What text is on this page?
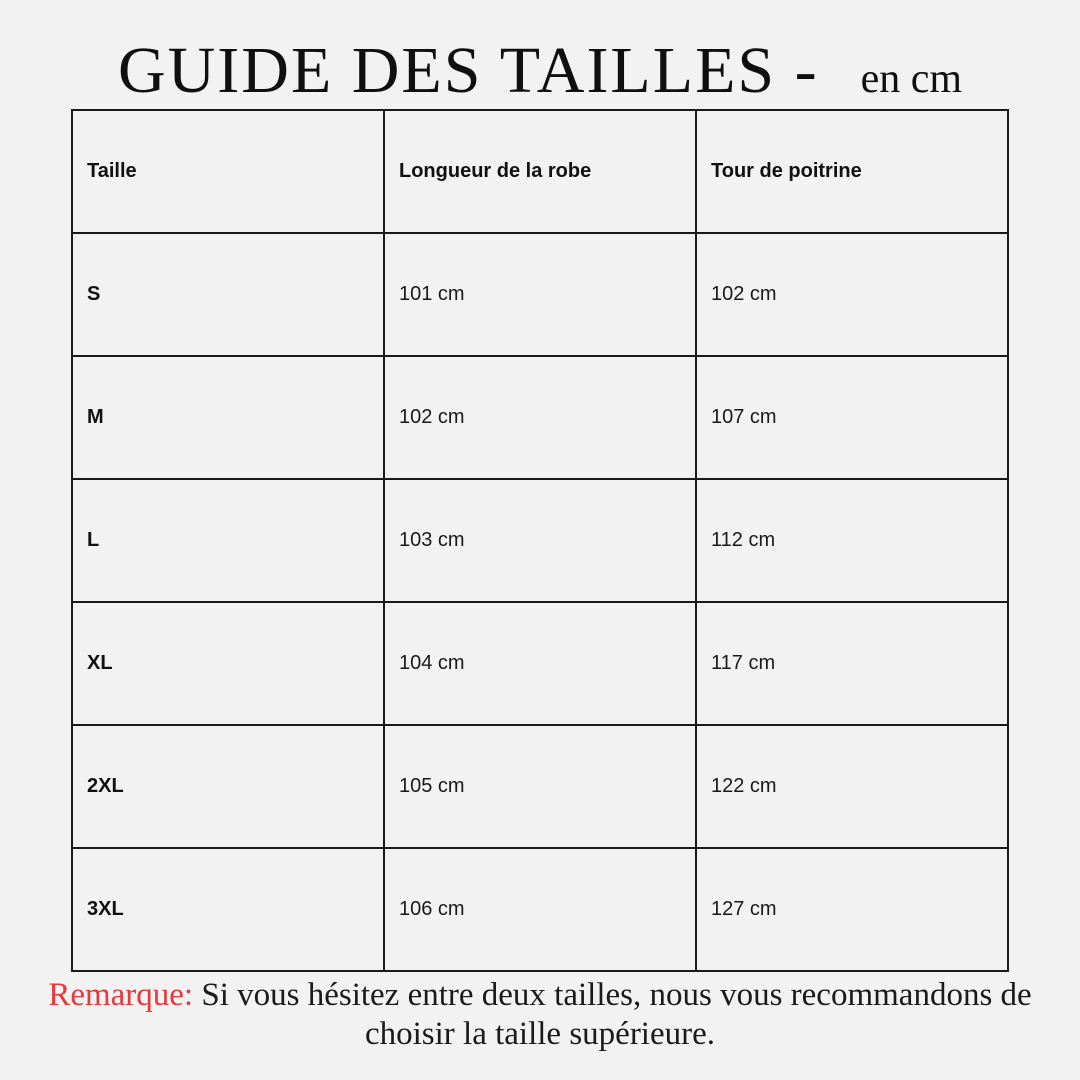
GUIDE DES TAILLES - en cm
Taille	Longueur de la robe	Tour de poitrine
S	101 cm	102 cm
M	102 cm	107 cm
L	103 cm	112 cm
XL	104 cm	117 cm
2XL	105 cm	122 cm
3XL	106 cm	127 cm
Remarque: Si vous hésitez entre deux tailles, nous vous recommandons de choisir la taille supérieure.
